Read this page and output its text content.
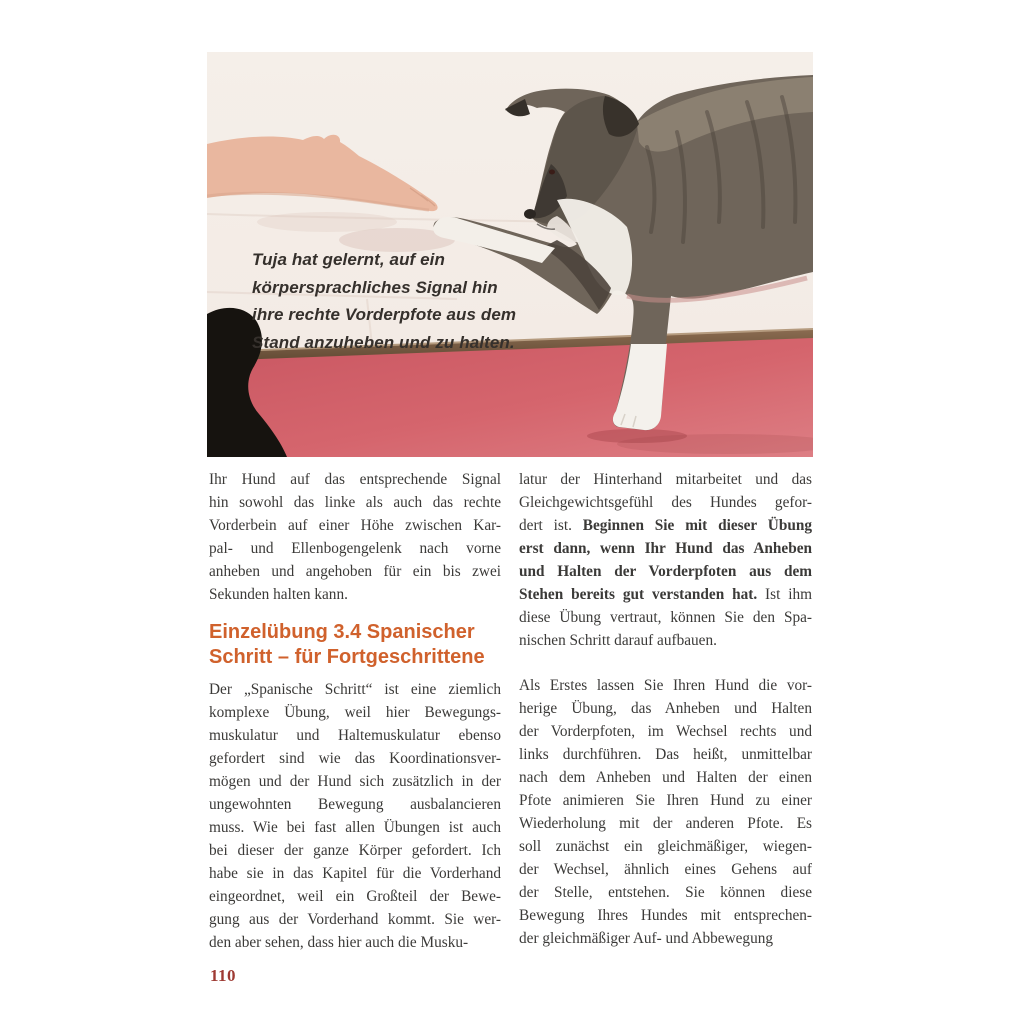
Tuja hat gelernt, auf ein
körpersprachliches Signal hin
ihre rechte Vorderpfote aus dem
Stand anzuheben und zu halten.
Ihr Hund auf das entsprechende Signal
hin sowohl das linke als auch das rechte
Vorderbein auf einer Höhe zwischen Kar-
pal- und Ellenbogengelenk nach vorne
anheben und angehoben für ein bis zwei
Sekunden halten kann.
Einzelübung 3.4 Spanischer
Schritt – für Fortgeschrittene
Der „Spanische Schritt“ ist eine ziemlich
komplexe Übung, weil hier Bewegungs-
muskulatur und Haltemuskulatur ebenso
gefordert sind wie das Koordinationsver-
mögen und der Hund sich zusätzlich in der
ungewohnten Bewegung ausbalancieren
muss. Wie bei fast allen Übungen ist auch
bei dieser der ganze Körper gefordert. Ich
habe sie in das Kapitel für die Vorderhand
eingeordnet, weil ein Großteil der Bewe-
gung aus der Vorderhand kommt. Sie wer-
den aber sehen, dass hier auch die Musku-
latur der Hinterhand mitarbeitet und das
Gleichgewichtsgefühl des Hundes gefor-
dert ist. Beginnen Sie mit dieser Übung
erst dann, wenn Ihr Hund das Anheben
und Halten der Vorderpfoten aus dem
Stehen bereits gut verstanden hat. Ist ihm
diese Übung vertraut, können Sie den Spa-
nischen Schritt darauf aufbauen.
Als Erstes lassen Sie Ihren Hund die vor-
herige Übung, das Anheben und Halten
der Vorderpfoten, im Wechsel rechts und
links durchführen. Das heißt, unmittelbar
nach dem Anheben und Halten der einen
Pfote animieren Sie Ihren Hund zu einer
Wiederholung mit der anderen Pfote. Es
soll zunächst ein gleichmäßiger, wiegen-
der Wechsel, ähnlich eines Gehens auf
der Stelle, entstehen. Sie können diese
Bewegung Ihres Hundes mit entsprechen-
der gleichmäßiger Auf- und Abbewegung
110
